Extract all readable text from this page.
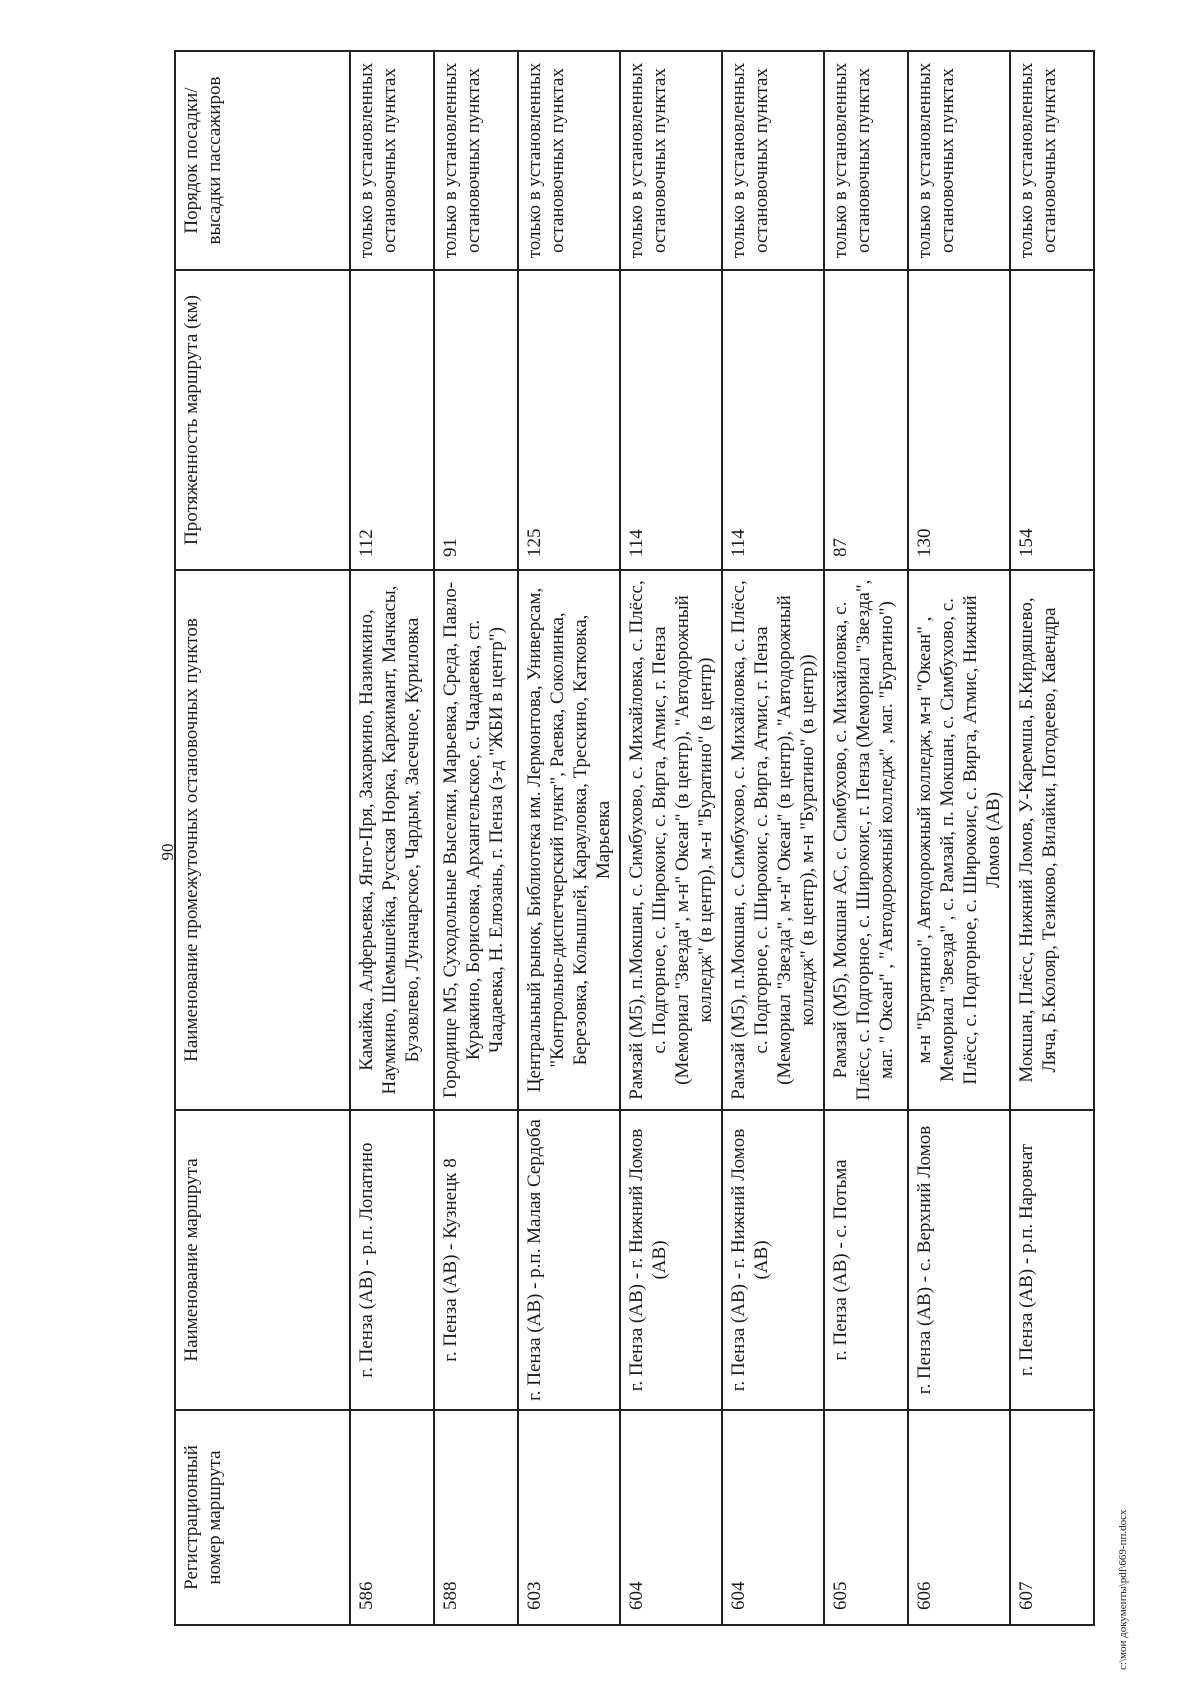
90
Регистрационный номер маршрута	Наименование маршрута	Наименование промежуточных остановочных пунктов	Протяженность маршрута (км)	Порядок посадки/высадки пассажиров
586	г. Пенза (АВ) - р.п. Лопатино	Камайка, Алферьевка, Янго-Пря, Захаркино, Назимкино, Наумкино, Шемышейка, Русская Норка, Каржимант, Мачкасы, Бузовлево, Луначарское, Чардым, Засечное, Куриловка	112	только в установленных остановочных пунктах
588	г. Пенза (АВ) - Кузнецк 8	Городище М5, Суходольные Выселки, Марьевка, Среда, Павло-Куракино, Борисовка, Архангельское, с. Чаадаевка, ст. Чаадаевка, Н. Елюзань, г. Пенза (з-д "ЖБИ в центр")	91	только в установленных остановочных пунктах
603	г. Пенза (АВ) - р.п. Малая Сердоба	Центральный рынок, Библиотека им. Лермонтова, Универсам, "Контрольно-диспетчерский пункт", Раевка, Соколинка, Березовка, Колышлей, Карауловка, Трескино, Катковка, Марьевка	125	только в установленных остановочных пунктах
604	г. Пенза (АВ) - г. Нижний Ломов (АВ)	Рамзай (М5), п.Мокшан, с. Симбухово, с. Михайловка, с. Плёсс, с. Подгорное, с. Широкоис, с. Вирга, Атмис, г. Пенза (Мемориал "Звезда", м-н" Океан" (в центр), "Автодорожный колледж" (в центр), м-н "Буратино" (в центр)	114	только в установленных остановочных пунктах
604	г. Пенза (АВ) - г. Нижний Ломов (АВ)	Рамзай (М5), п.Мокшан, с. Симбухово, с. Михайловка, с. Плёсс, с. Подгорное, с. Широкоис, с. Вирга, Атмис, г. Пенза (Мемориал "Звезда", м-н" Океан" (в центр), "Автодорожный колледж" (в центр), м-н "Буратино" (в центр))	114	только в установленных остановочных пунктах
605	г. Пенза (АВ) - с. Потьма	Рамзай (М5), Мокшан АС, с. Симбухово, с. Михайловка, с. Плёсс, с. Подгорное, с. Широкоис, г. Пенза (Мемориал "Звезда", маг. " Океан" , "Автодорожный колледж" , маг. "Буратино")	87	только в установленных остановочных пунктах
606	г. Пенза (АВ) - с. Верхний Ломов	м-н "Буратино", Автодорожный колледж, м-н "Океан" , Мемориал "Звезда" , с. Рамзай, п. Мокшан, с. Симбухово, с. Плёсс, с. Подгорное, с. Широкоис, с. Вирга, Атмис, Нижний Ломов (АВ)	130	только в установленных остановочных пунктах
607	г. Пенза (АВ) - р.п. Наровчат	Мокшан, Плёсс, Нижний Ломов, У-Каремша, Б.Кирдяшево, Ляча, Б.Колояр, Тезиково, Вилайки, Потодеево, Кавендра	154	только в установленных остановочных пунктах
c:\мои документы\pdf\669-пп.docx
